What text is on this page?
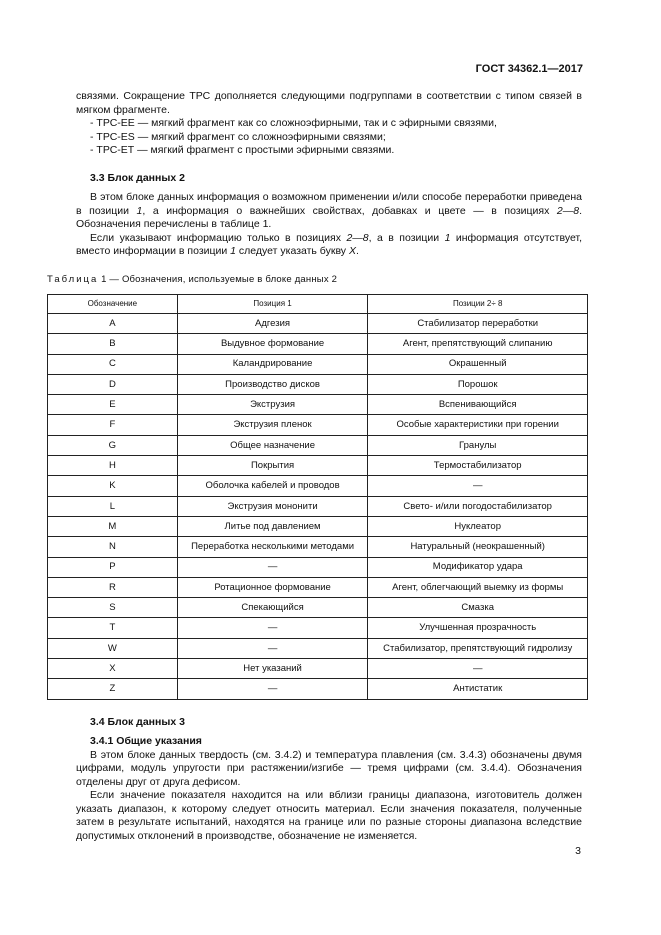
ГОСТ 34362.1—2017

связями. Сокращение ТРС дополняется следующими подгруппами в соответствии с типом связей в мягком фрагменте.

- ТРС-ЕЕ — мягкий фрагмент как со сложноэфирными, так и с эфирными связями,

- ТРС-ES — мягкий фрагмент со сложноэфирными связями;

- ТРС-ЕТ — мягкий фрагмент с простыми эфирными связями.

3.3 Блок данных 2

В этом блоке данных информация о возможном применении и/или способе переработки приведена в позиции 1, а информация о важнейших свойствах, добавках и цвете — в позициях 2—8. Обозначения перечислены в таблице 1.

Если указывают информацию только в позициях 2—8, а в позиции 1 информация отсутствует, вместо информации в позиции 1 следует указать букву X.

Таблица 1 — Обозначения, используемые в блоке данных 2
Обозначение	Позиция 1	Позиции 2÷ 8
A	Адгезия	Стабилизатор переработки
B	Выдувное формование	Агент, препятствующий слипанию
C	Каландрирование	Окрашенный
D	Производство дисков	Порошок
E	Экструзия	Вспенивающийся
F	Экструзия пленок	Особые характеристики при горении
G	Общее назначение	Гранулы
H	Покрытия	Термостабилизатор
K	Оболочка кабелей и проводов	—
L	Экструзия мононити	Свето- и/или погодостабилизатор
M	Литье под давлением	Нуклеатор
N	Переработка несколькими методами	Натуральный (неокрашенный)
P	—	Модификатор удара
R	Ротационное формование	Агент, облегчающий выемку из формы
S	Спекающийся	Смазка
T	—	Улучшенная прозрачность
W	—	Стабилизатор, препятствующий гидролизу
X	Нет указаний	—
Z	—	Антистатик
3.4 Блок данных 3
3.4.1 Общие указания

В этом блоке данных твердость (см. 3.4.2) и температура плавления (см. 3.4.3) обозначены двумя цифрами, модуль упругости при растяжении/изгибе — тремя цифрами (см. 3.4.4). Обозначения отделены друг от друга дефисом.

Если значение показателя находится на или вблизи границы диапазона, изготовитель должен указать диапазон, к которому следует относить материал. Если значения показателя, полученные затем в результате испытаний, находятся на границе или по разные стороны диапазона вследствие допустимых отклонений в производстве, обозначение не изменяется.

3
